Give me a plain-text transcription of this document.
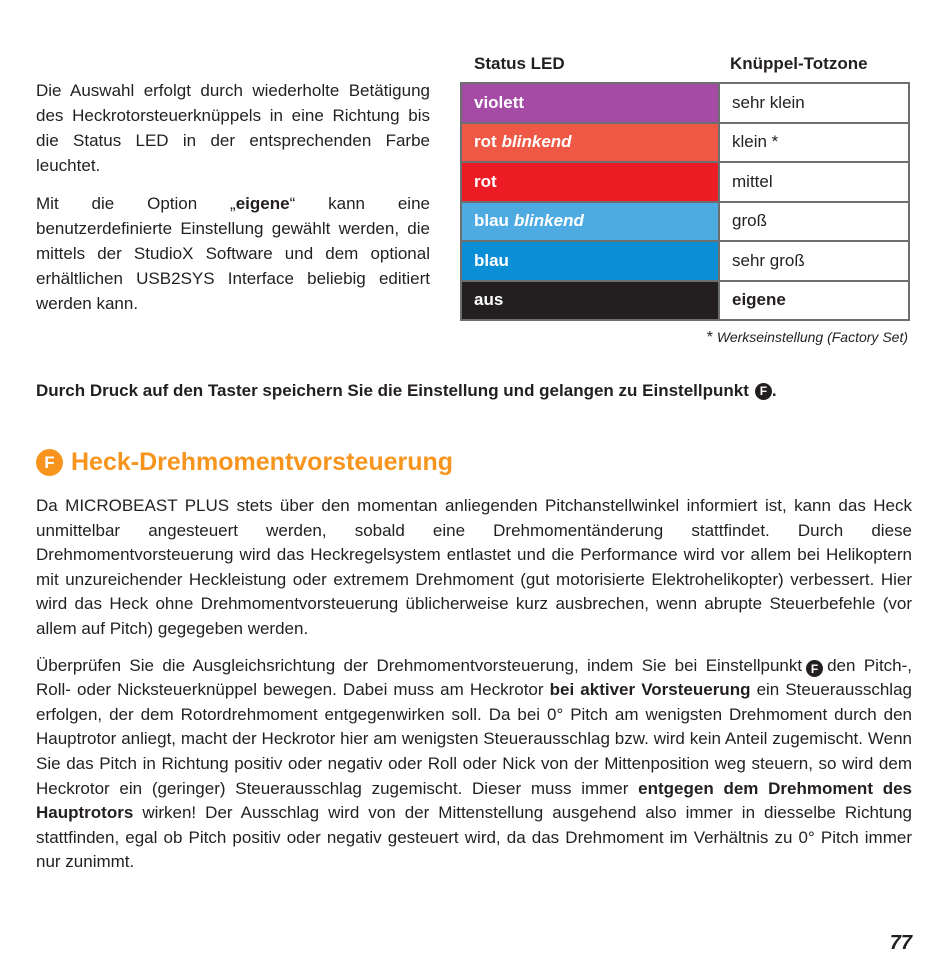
Die Auswahl erfolgt durch wiederholte Betätigung des Heckrotorsteuerknüppels in eine Richtung bis die Status LED in der entsprechenden Farbe leuchtet.

Mit die Option „eigene“ kann eine benutzerdefinierte Einstellung gewählt werden, die mittels der StudioX Software und dem optional erhältlichen USB2SYS Interface beliebig editiert werden kann.

Status LED	Knüppel-Totzone
violett	sehr klein
rot blinkend	klein *
rot	mittel
blau blinkend	groß
blau	sehr groß
aus	eigene
* Werkseinstellung (Factory Set)
Durch Druck auf den Taster speichern Sie die Einstellung und gelangen zu Einstellpunkt F .
F Heck-Drehmomentvorsteuerung

Da MICROBEAST PLUS stets über den momentan anliegenden Pitchanstellwinkel informiert ist, kann das Heck unmittelbar angesteuert werden, sobald eine Drehmomentänderung stattfindet. Durch diese Drehmomentvorsteuerung wird das Heckregelsystem entlastet und die Performance wird vor allem bei Helikoptern mit unzureichender Heckleistung oder extremem Drehmoment (gut motorisierte Elektrohelikopter) verbessert. Hier wird das Heck ohne Drehmomentvorsteuerung üblicherweise kurz ausbrechen, wenn abrupte Steuerbefehle (vor allem auf Pitch) gegegeben werden.

Überprüfen Sie die Ausgleichsrichtung der Drehmomentvorsteuerung, indem Sie bei Einstellpunkt F den Pitch-, Roll- oder Nicksteuerknüppel bewegen. Dabei muss am Heckrotor bei aktiver Vorsteuerung ein Steuerausschlag erfolgen, der dem Rotordrehmoment entgegenwirken soll. Da bei 0° Pitch am wenigsten Drehmoment durch den Hauptrotor anliegt, macht der Heckrotor hier am wenigsten Steuerausschlag bzw. wird kein Anteil zugemischt. Wenn Sie das Pitch in Richtung positiv oder negativ oder Roll oder Nick von der Mittenposition weg steuern, so wird dem Heckrotor ein (geringer) Steuerausschlag zugemischt. Dieser muss immer entgegen dem Drehmoment des Hauptrotors wirken! Der Ausschlag wird von der Mittenstellung ausgehend also immer in diesselbe Richtung stattfinden, egal ob Pitch positiv oder negativ gesteuert wird, da das Drehmoment im Verhältnis zu 0° Pitch immer nur zunimmt.

77
